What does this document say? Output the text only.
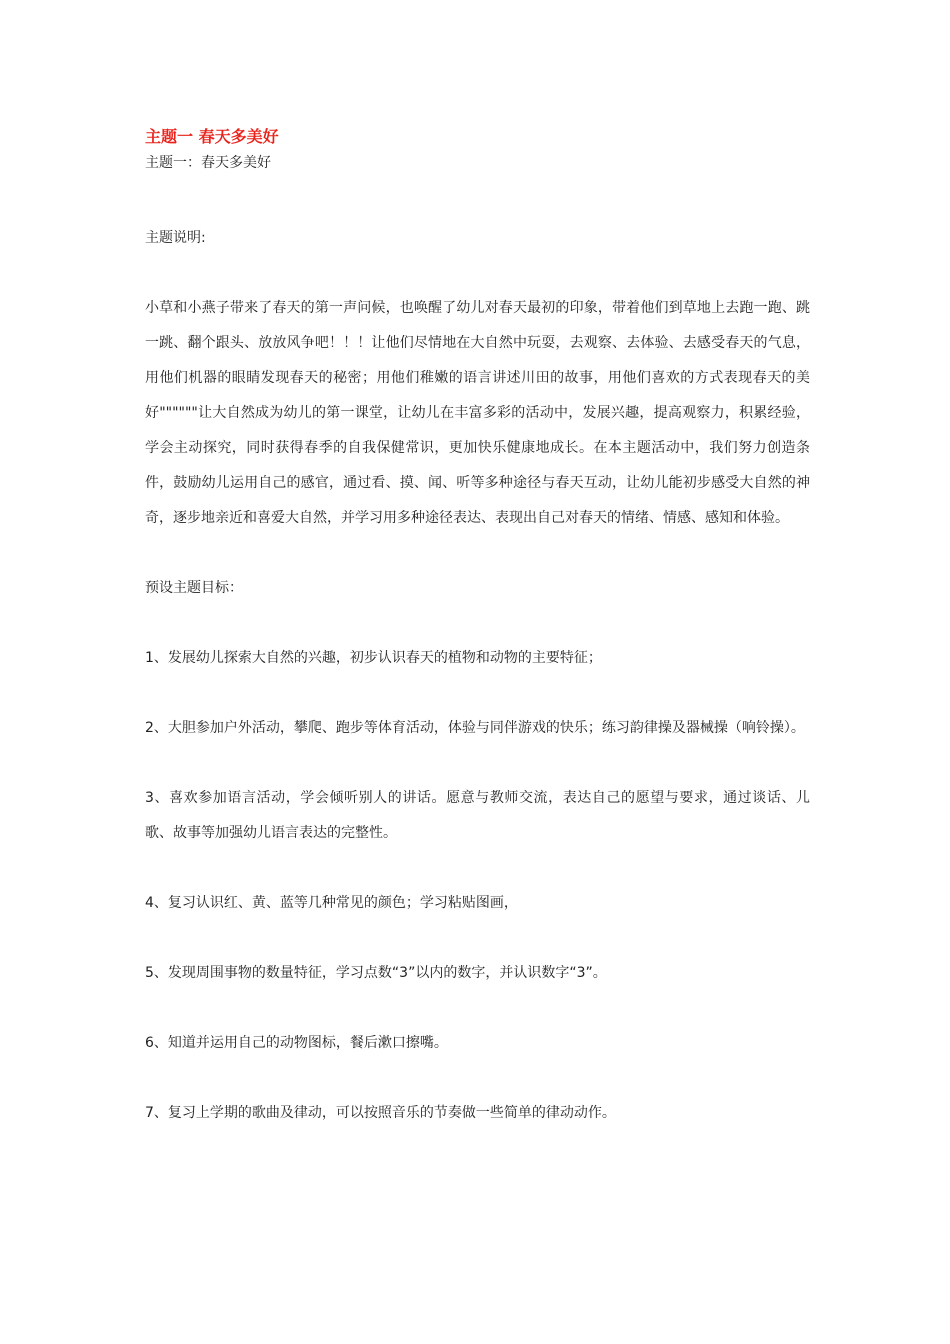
主题一 春天多美好

主题一：春天多美好

主题说明:

小草和小燕子带来了春天的第一声问候，也唤醒了幼儿对春天最初的印象，带着他们到草地上去跑一跑、跳一跳、翻个跟头、放放风争吧！！！让他们尽情地在大自然中玩耍，去观察、去体验、去感受春天的气息，用他们机器的眼睛发现春天的秘密；用他们稚嫩的语言讲述川田的故事，用他们喜欢的方式表现春天的美好""""""让大自然成为幼儿的第一课堂，让幼儿在丰富多彩的活动中，发展兴趣，提高观察力，积累经验，学会主动探究，同时获得春季的自我保健常识，更加快乐健康地成长。在本主题活动中，我们努力创造条件，鼓励幼儿运用自己的感官，通过看、摸、闻、听等多种途径与春天互动，让幼儿能初步感受大自然的神奇，逐步地亲近和喜爱大自然，并学习用多种途径表达、表现出自己对春天的情绪、情感、感知和体验。

预设主题目标：

1、发展幼儿探索大自然的兴趣，初步认识春天的植物和动物的主要特征；

2、大胆参加户外活动，攀爬、跑步等体育活动，体验与同伴游戏的快乐；练习韵律操及器械操（响铃操）。

3、喜欢参加语言活动，学会倾听别人的讲话。愿意与教师交流，表达自己的愿望与要求，通过谈话、儿歌、故事等加强幼儿语言表达的完整性。

4、复习认识红、黄、蓝等几种常见的颜色；学习粘贴图画，

5、发现周围事物的数量特征，学习点数“3”以内的数字，并认识数字“3”。

6、知道并运用自己的动物图标，餐后漱口擦嘴。

7、复习上学期的歌曲及律动，可以按照音乐的节奏做一些简单的律动动作。
